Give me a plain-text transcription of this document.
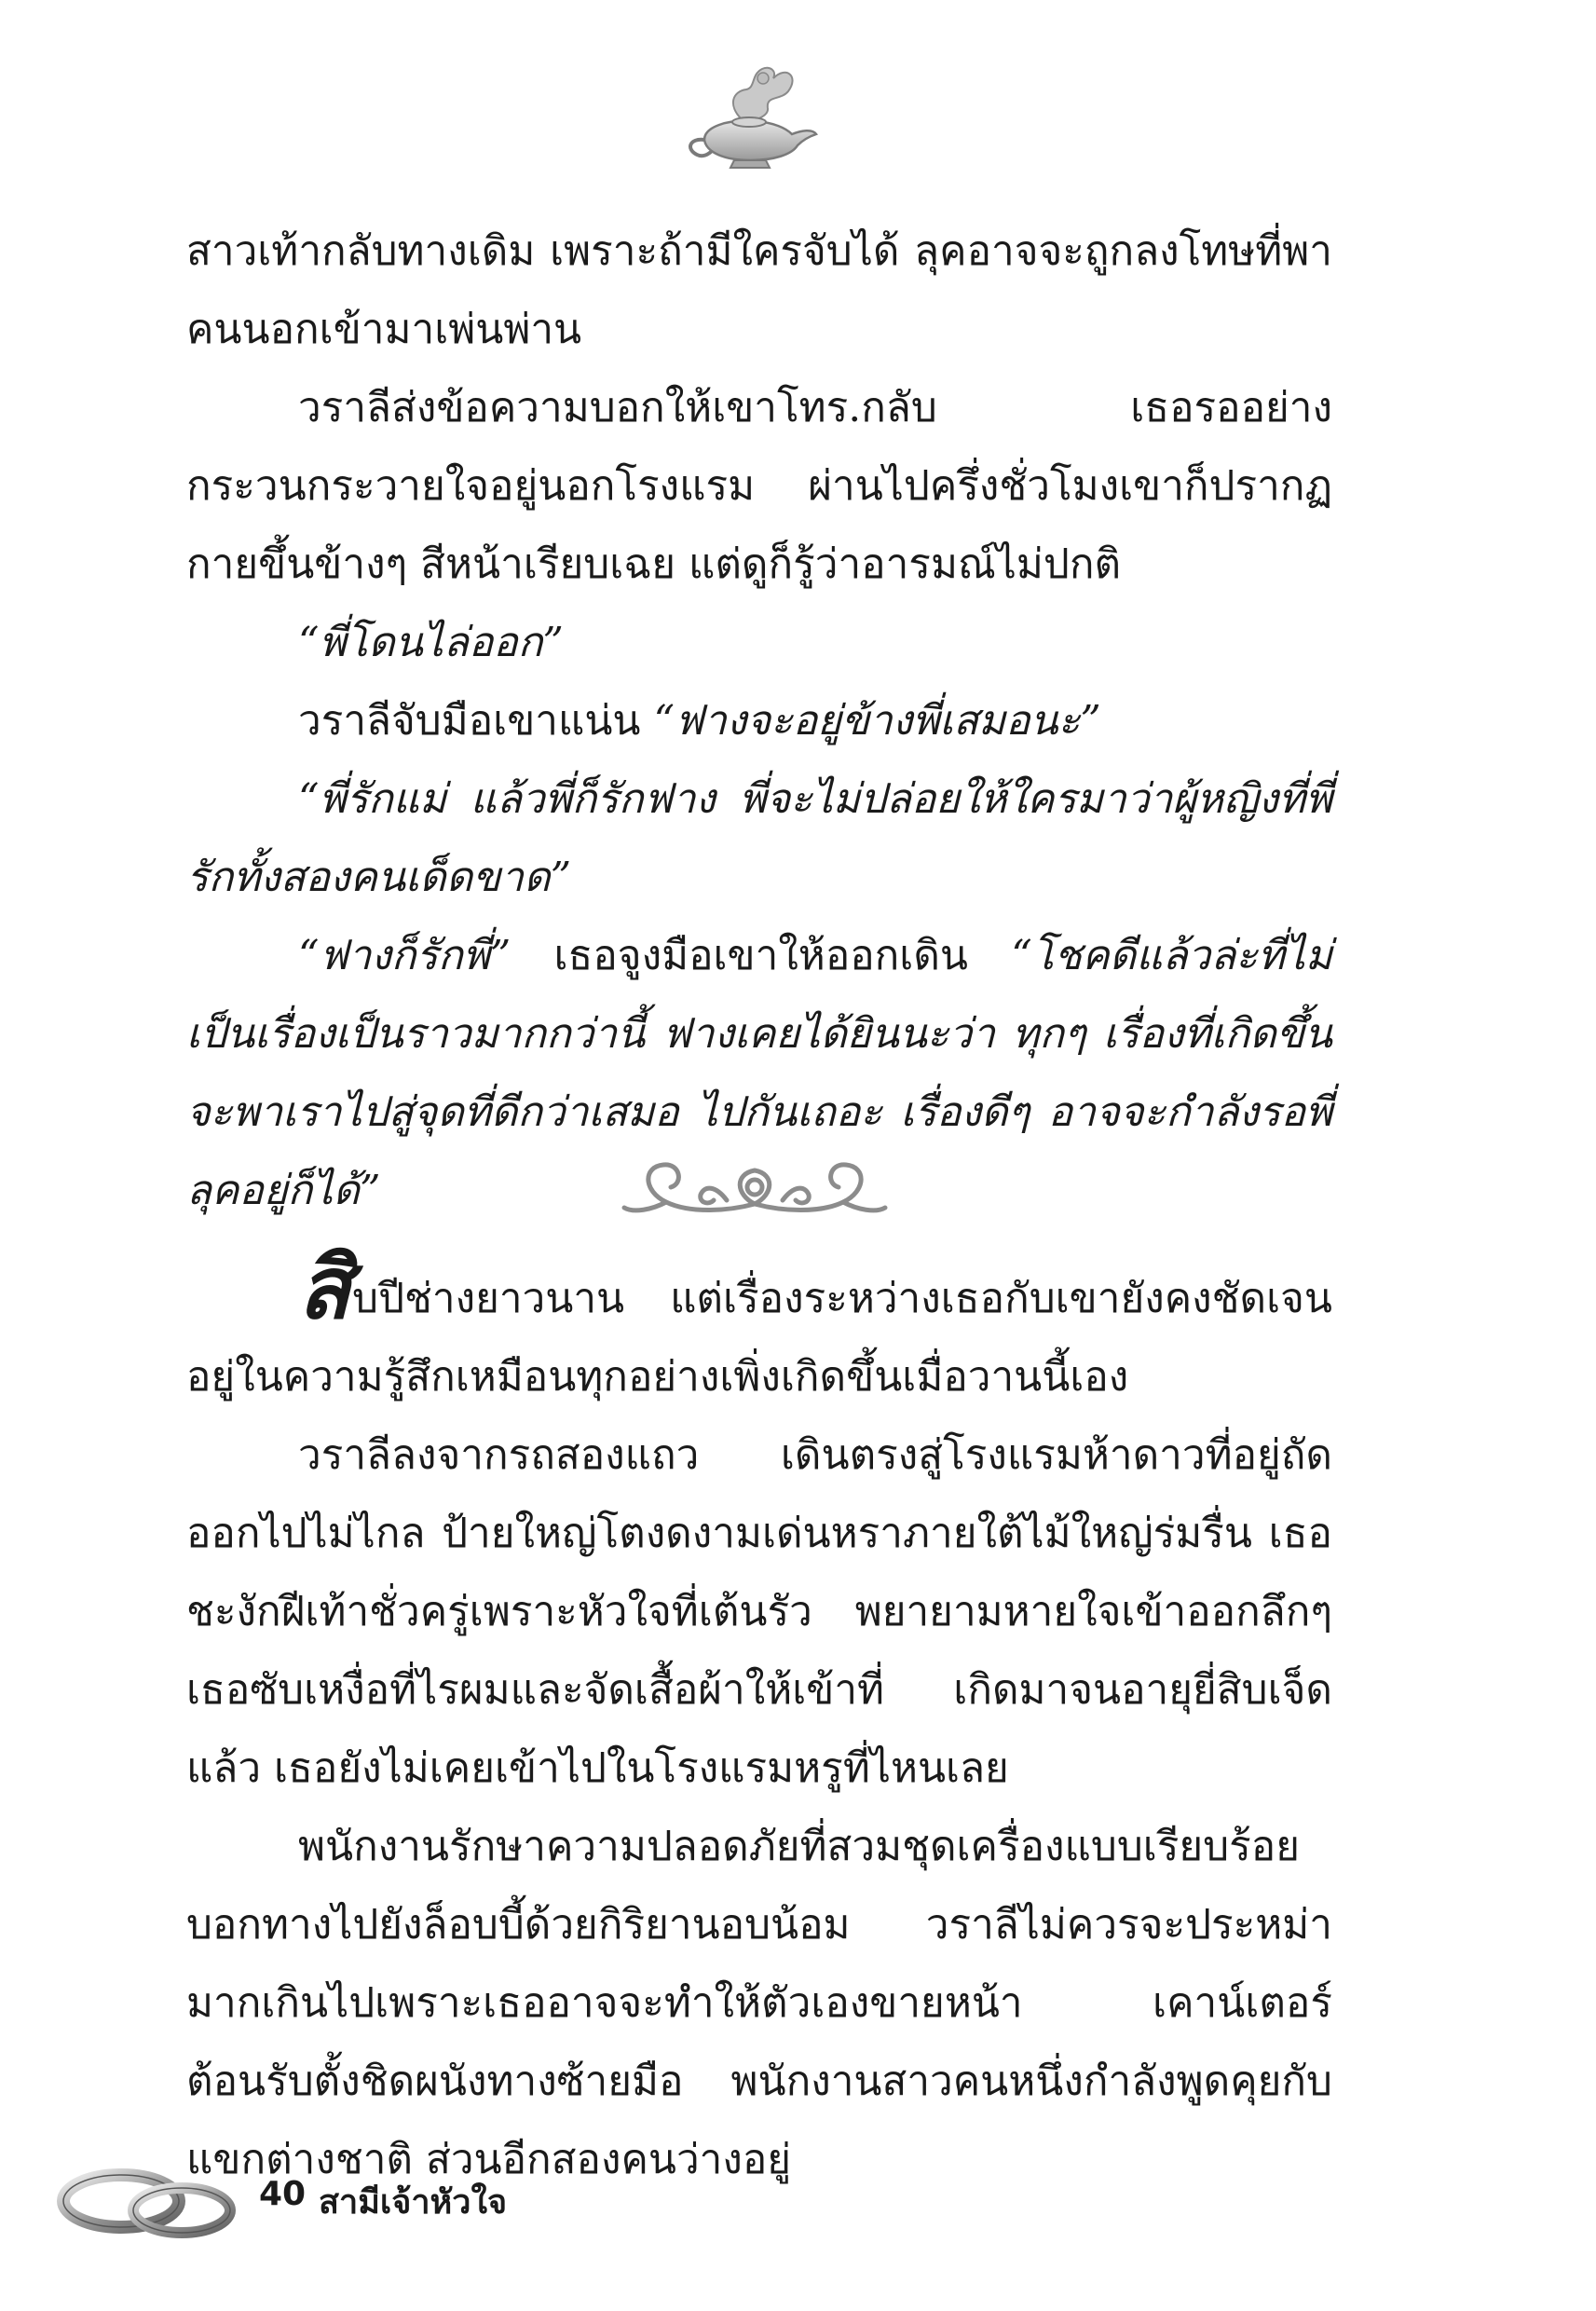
สาวเท้ากลับทางเดิม เพราะถ้ามีใครจับได้ ลุคอาจจะถูกลงโทษที่พาคนนอกเข้ามาเพ่นพ่าน

วราลีส่งข้อความบอกให้เขาโทร.กลับ เธอรออย่างกระวนกระวายใจอยู่นอกโรงแรม ผ่านไปครึ่งชั่วโมงเขาก็ปรากฏกายขึ้นข้างๆ สีหน้าเรียบเฉย แต่ดูก็รู้ว่าอารมณ์ไม่ปกติ

“พี่โดนไล่ออก”

วราลีจับมือเขาแน่น “ฟางจะอยู่ข้างพี่เสมอนะ”

“พี่รักแม่ แล้วพี่ก็รักฟาง พี่จะไม่ปล่อยให้ใครมาว่าผู้หญิงที่พี่รักทั้งสองคนเด็ดขาด”

“ฟางก็รักพี่” เธอจูงมือเขาให้ออกเดิน “โชคดีแล้วล่ะที่ไม่เป็นเรื่องเป็นราวมากกว่านี้ ฟางเคยได้ยินนะว่า ทุกๆ เรื่องที่เกิดขึ้น จะพาเราไปสู่จุดที่ดีกว่าเสมอ ไปกันเถอะ เรื่องดีๆ อาจจะกำลังรอพี่ลุคอยู่ก็ได้”

สิบปีช่างยาวนาน แต่เรื่องระหว่างเธอกับเขายังคงชัดเจนอยู่ในความรู้สึกเหมือนทุกอย่างเพิ่งเกิดขึ้นเมื่อวานนี้เอง

วราลีลงจากรถสองแถว เดินตรงสู่โรงแรมห้าดาวที่อยู่ถัดออกไปไม่ไกล ป้ายใหญ่โตงดงามเด่นหราภายใต้ไม้ใหญ่ร่มรื่น เธอชะงักฝีเท้าชั่วครู่เพราะหัวใจที่เต้นรัว พยายามหายใจเข้าออกลึกๆ เธอซับเหงื่อที่ไรผมและจัดเสื้อผ้าให้เข้าที่ เกิดมาจนอายุยี่สิบเจ็ดแล้ว เธอยังไม่เคยเข้าไปในโรงแรมหรูที่ไหนเลย

พนักงานรักษาความปลอดภัยที่สวมชุดเครื่องแบบเรียบร้อยบอกทางไปยังล็อบบี้ด้วยกิริยานอบน้อม วราลีไม่ควรจะประหม่ามากเกินไปเพราะเธออาจจะทำให้ตัวเองขายหน้า เคาน์เตอร์ต้อนรับตั้งชิดผนังทางซ้ายมือ พนักงานสาวคนหนึ่งกำลังพูดคุยกับแขกต่างชาติ ส่วนอีกสองคนว่างอยู่

40 สามีเจ้าหัวใจ
